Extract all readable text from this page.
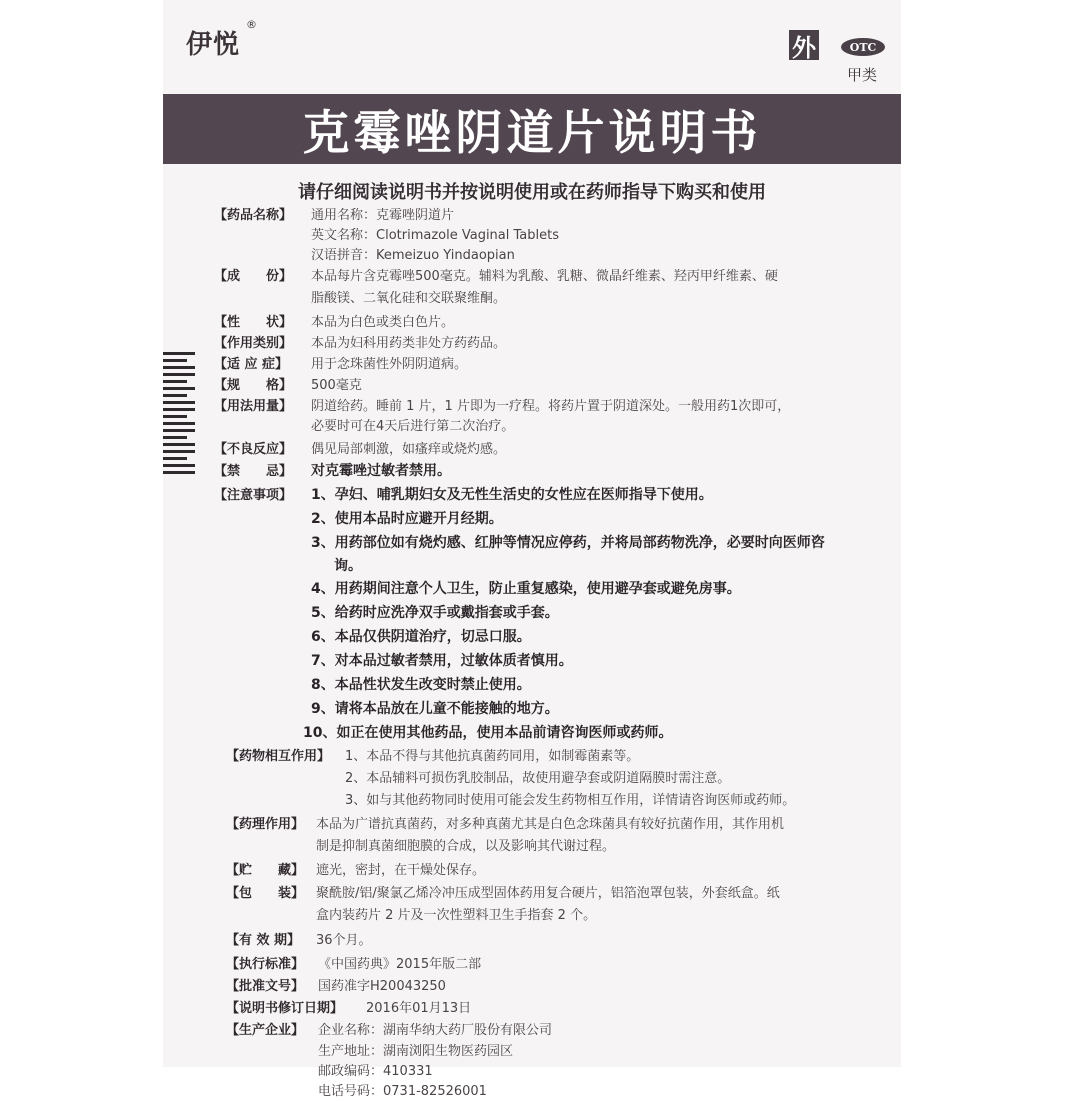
伊悦
®
外	OTC
甲类
克霉唑阴道片说明书
请仔细阅读说明书并按说明使用或在药师指导下购买和使用
【药品名称】 通用名称：克霉唑阴道片
英文名称：Clotrimazole Vaginal Tablets
汉语拼音：Kemeizuo Yindaopian
【成　　份】 本品每片含克霉唑500毫克。辅料为乳酸、乳糖、微晶纤维素、羟丙甲纤维素、硬
脂酸镁、二氧化硅和交联聚维酮。
【性　　状】 本品为白色或类白色片。
【作用类别】 本品为妇科用药类非处方药药品。
【适 应 症】 用于念珠菌性外阴阴道病。
【规　　格】 500毫克
【用法用量】 阴道给药。睡前 1 片，1 片即为一疗程。将药片置于阴道深处。一般用药1次即可，
必要时可在4天后进行第二次治疗。
【不良反应】 偶见局部刺激，如瘙痒或烧灼感。
【禁　　忌】 对克霉唑过敏者禁用。
【注意事项】 1、孕妇、哺乳期妇女及无性生活史的女性应在医师指导下使用。
2、使用本品时应避开月经期。
3、用药部位如有烧灼感、红肿等情况应停药，并将局部药物洗净，必要时向医师咨
询。
4、用药期间注意个人卫生，防止重复感染，使用避孕套或避免房事。
5、给药时应洗净双手或戴指套或手套。
6、本品仅供阴道治疗，切忌口服。
7、对本品过敏者禁用，过敏体质者慎用。
8、本品性状发生改变时禁止使用。
9、请将本品放在儿童不能接触的地方。
10、如正在使用其他药品，使用本品前请咨询医师或药师。
【药物相互作用】 1、本品不得与其他抗真菌药同用，如制霉菌素等。
2、本品辅料可损伤乳胶制品，故使用避孕套或阴道隔膜时需注意。
3、如与其他药物同时使用可能会发生药物相互作用，详情请咨询医师或药师。
【药理作用】 本品为广谱抗真菌药，对多种真菌尤其是白色念珠菌具有较好抗菌作用，其作用机
制是抑制真菌细胞膜的合成，以及影响其代谢过程。
【贮　　藏】 遮光，密封，在干燥处保存。
【包　　装】 聚酰胺/铝/聚氯乙烯冷冲压成型固体药用复合硬片，铝箔泡罩包装，外套纸盒。纸
盒内装药片 2 片及一次性塑料卫生手指套 2 个。
【有 效 期】 36个月。
【执行标准】 《中国药典》2015年版二部
【批准文号】 国药准字H20043250
【说明书修订日期】 2016年01月13日
【生产企业】 企业名称：湖南华纳大药厂股份有限公司
生产地址：湖南浏阳生物医药园区
邮政编码：410331
电话号码：0731-82526001
